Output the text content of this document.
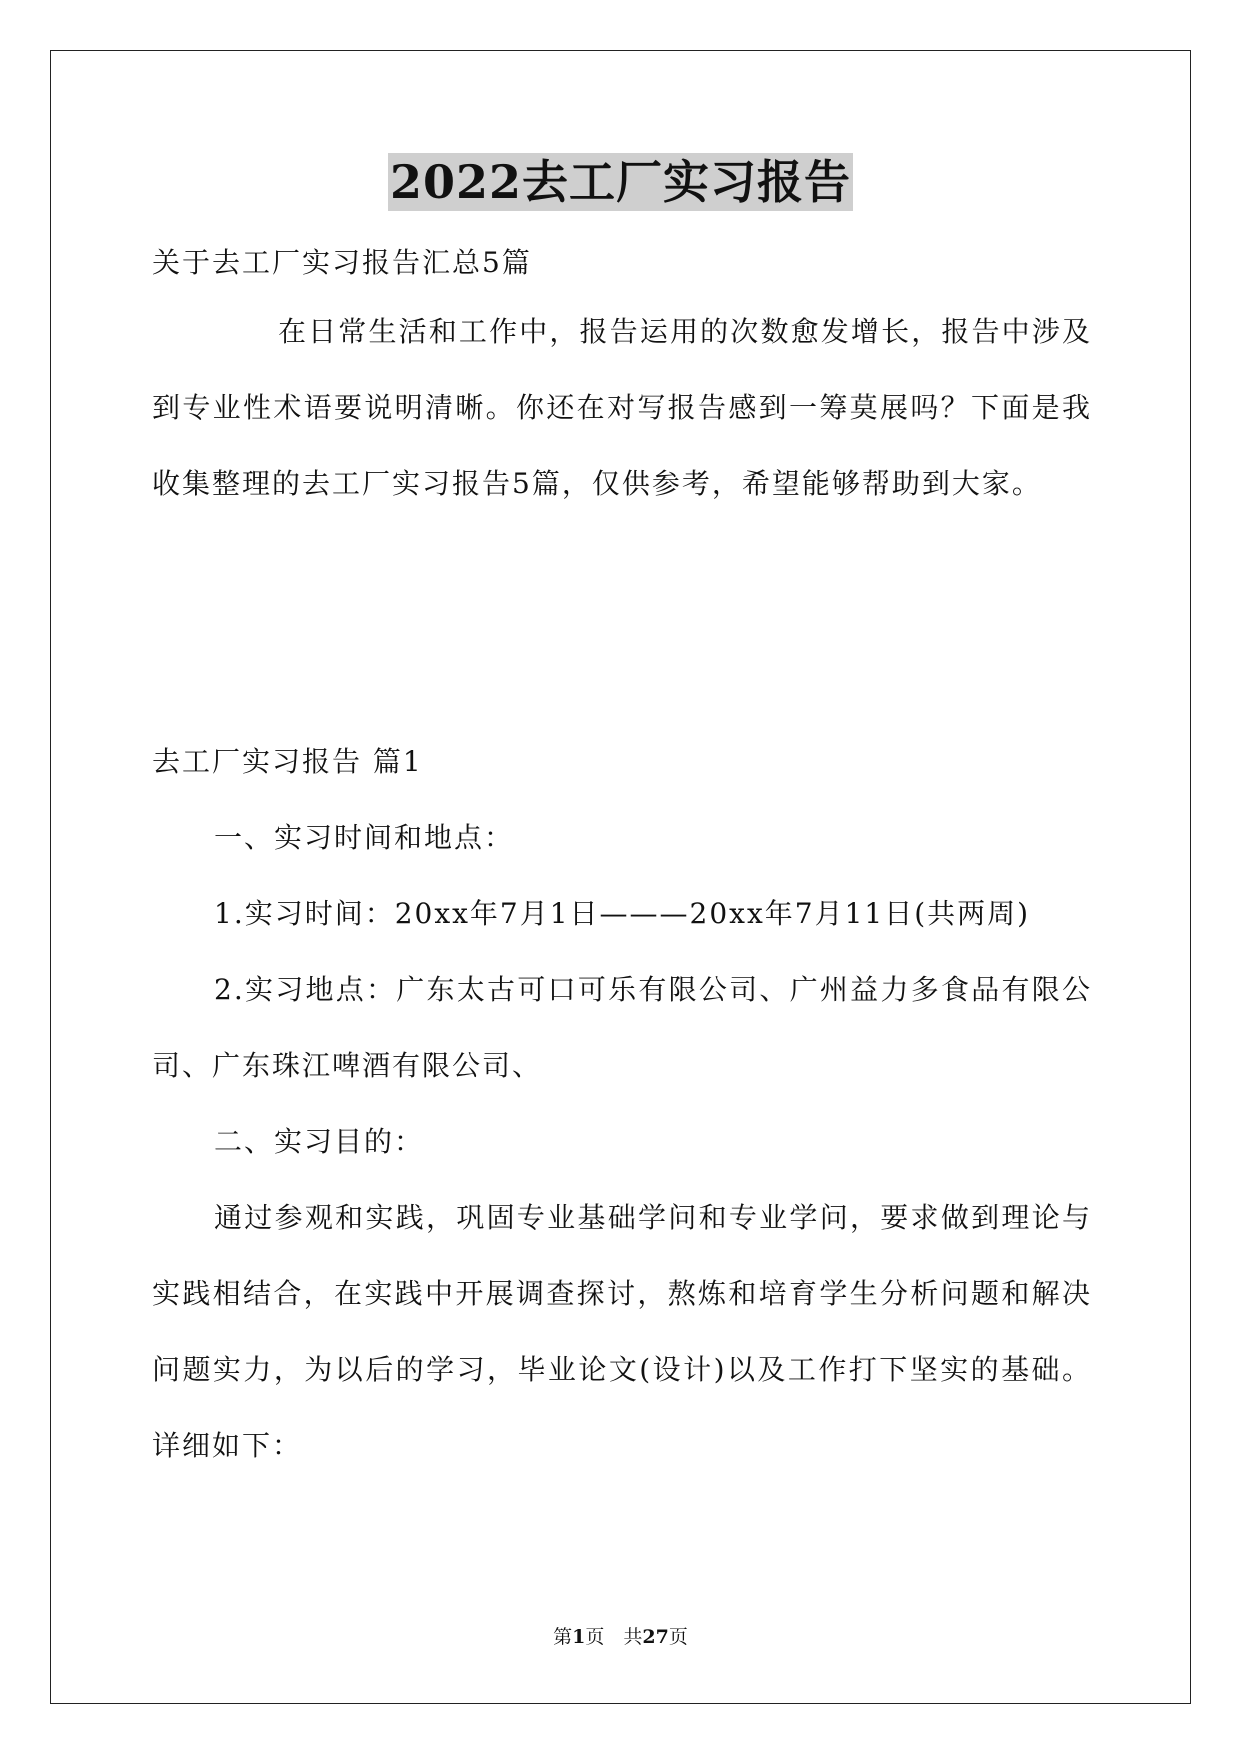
2022去工厂实习报告
关于去工厂实习报告汇总5篇

在日常生活和工作中，报告运用的次数愈发增长，报告中涉及到专业性术语要说明清晰。你还在对写报告感到一筹莫展吗？下面是我收集整理的去工厂实习报告5篇，仅供参考，希望能够帮助到大家。

去工厂实习报告 篇1
一、实习时间和地点：
1.实习时间：20xx年7月1日———20xx年7月11日(共两周)

2.实习地点：广东太古可口可乐有限公司、广州益力多食品有限公司、广东珠江啤酒有限公司、

二、实习目的：

通过参观和实践，巩固专业基础学问和专业学问，要求做到理论与实践相结合，在实践中开展调查探讨，熬炼和培育学生分析问题和解决问题实力，为以后的学习，毕业论文(设计)以及工作打下坚实的基础。详细如下：

第1页　共27页
